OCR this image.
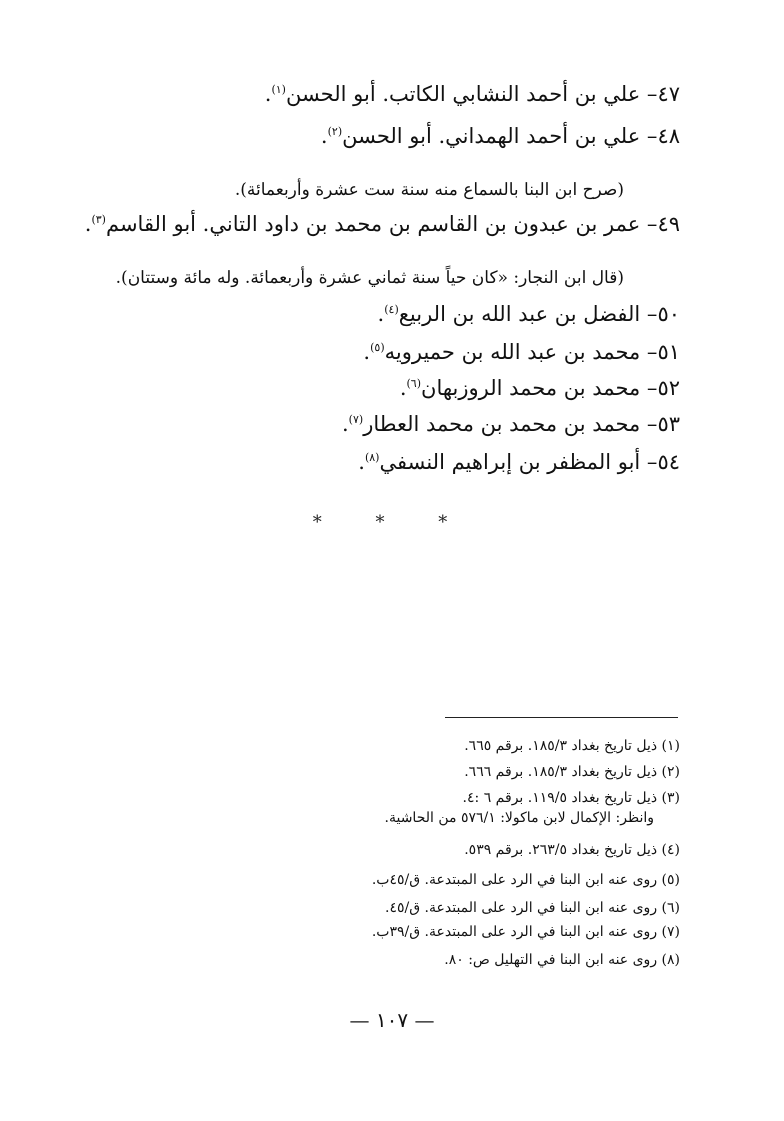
٤٧– علي بن أحمد النشابي الكاتب. أبو الحسن$^{(١)}$.
٤٨– علي بن أحمد الهمداني. أبو الحسن$^{(٢)}$.
(صرح ابن البنا بالسماع منه سنة ست عشرة وأربعمائة).
٤٩– عمر بن عبدون بن القاسم بن محمد بن داود التاني. أبو القاسم$^{(٣)}$.
(قال ابن النجار: «كان حياً سنة ثماني عشرة وأربعمائة. وله مائة وستتان).
٥٠– الفضل بن عبد الله بن الربيع$^{(٤)}$.
٥١– محمد بن عبد الله بن حميرويه$^{(٥)}$.
٥٢– محمد بن محمد الروزبهان$^{(٦)}$.
٥٣– محمد بن محمد بن محمد العطار$^{(٧)}$.
٥٤– أبو المظفر بن إبراهيم النسفي$^{(٨)}$.
* * *
(١) ذيل تاريخ بغداد ١٨٥/٣. برقم ٦٦٥.
(٢) ذيل تاريخ بغداد ١٨٥/٣. برقم ٦٦٦.
(٣) ذيل تاريخ بغداد ١١٩/٥. برقم ٦ :٤.
وانظر: الإكمال لابن ماكولا: ٥٧٦/١ من الحاشية.
(٤) ذيل تاريخ بغداد ٢٦٣/٥. برقم ٥٣٩.
(٥) روى عنه ابن البنا في الرد على المبتدعة. ق/٤٥ب.
(٦) روى عنه ابن البنا في الرد على المبتدعة. ق/٤٥.
(٧) روى عنه ابن البنا في الرد على المبتدعة. ق/٣٩ب.
(٨) روى عنه ابن البنا في التهليل ص: ٨٠.
— ١٠٧ —
